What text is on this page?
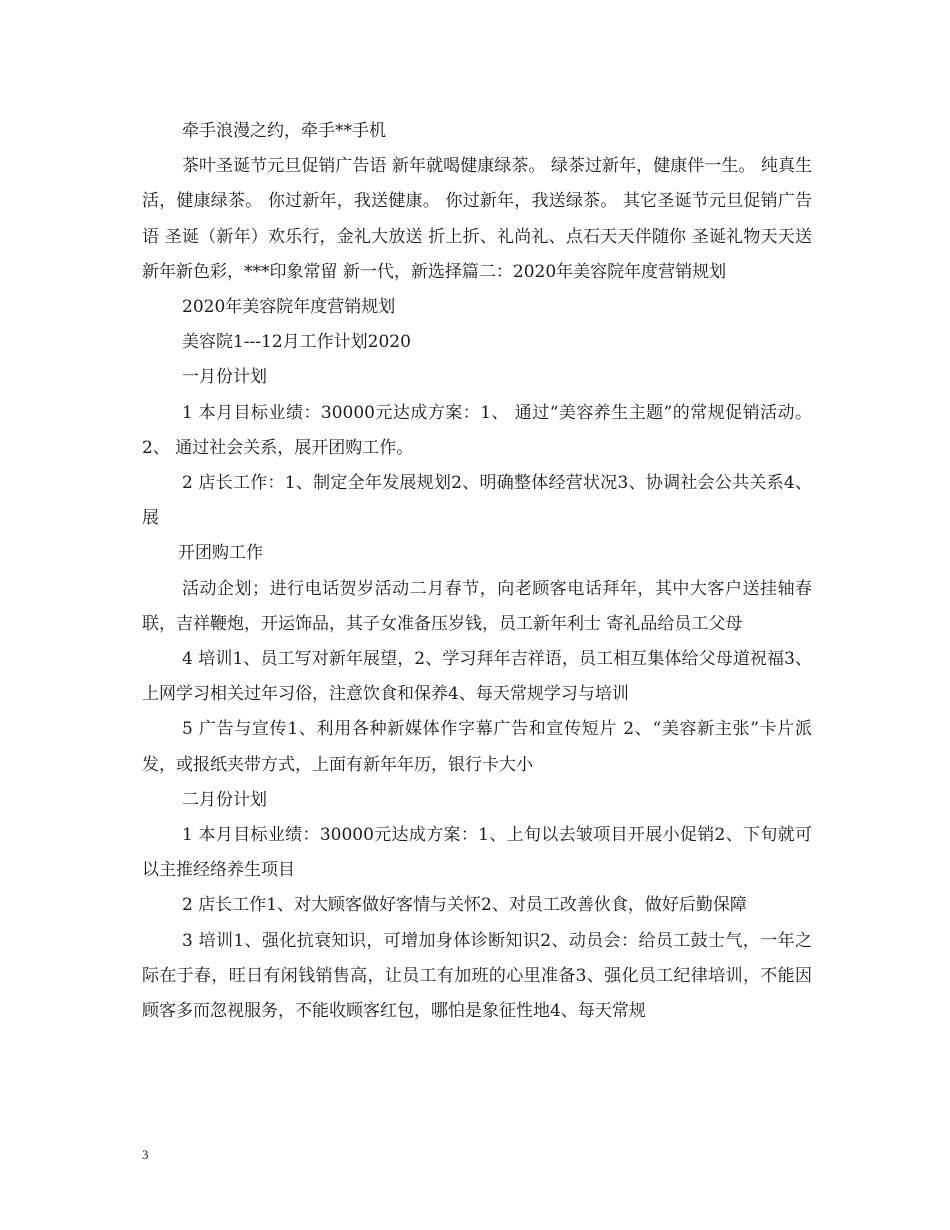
牵手浪漫之约，牵手**手机

茶叶圣诞节元旦促销广告语 新年就喝健康绿茶。 绿茶过新年，健康伴一生。 纯真生活，健康绿茶。 你过新年，我送健康。 你过新年，我送绿茶。 其它圣诞节元旦促销广告语 圣诞（新年）欢乐行，金礼大放送 折上折、礼尚礼、点石天天伴随你 圣诞礼物天天送 新年新色彩，***印象常留 新一代，新选择篇二：2020年美容院年度营销规划

2020年美容院年度营销规划

美容院1---12月工作计划2020

一月份计划

1 本月目标业绩：30000元达成方案：1、 通过“美容养生主题”的常规促销活动。2、 通过社会关系，展开团购工作。

2 店长工作：1、制定全年发展规划2、明确整体经营状况3、协调社会公共关系4、展

开团购工作

活动企划；进行电话贺岁活动二月春节，向老顾客电话拜年，其中大客户送挂轴春联，吉祥鞭炮，开运饰品，其子女准备压岁钱，员工新年利士 寄礼品给员工父母

4 培训1、员工写对新年展望，2、学习拜年吉祥语，员工相互集体给父母道祝福3、上网学习相关过年习俗，注意饮食和保养4、每天常规学习与培训

5 广告与宣传1、利用各种新媒体作字幕广告和宣传短片 2、“美容新主张”卡片派发，或报纸夹带方式，上面有新年年历，银行卡大小

二月份计划

1 本月目标业绩：30000元达成方案：1、上旬以去皱项目开展小促销2、下旬就可以主推经络养生项目

2 店长工作1、对大顾客做好客情与关怀2、对员工改善伙食，做好后勤保障

3 培训1、强化抗衰知识，可增加身体诊断知识2、动员会：给员工鼓士气，一年之际在于春，旺日有闲钱销售高，让员工有加班的心里准备3、强化员工纪律培训，不能因顾客多而忽视服务，不能收顾客红包，哪怕是象征性地4、每天常规

3
